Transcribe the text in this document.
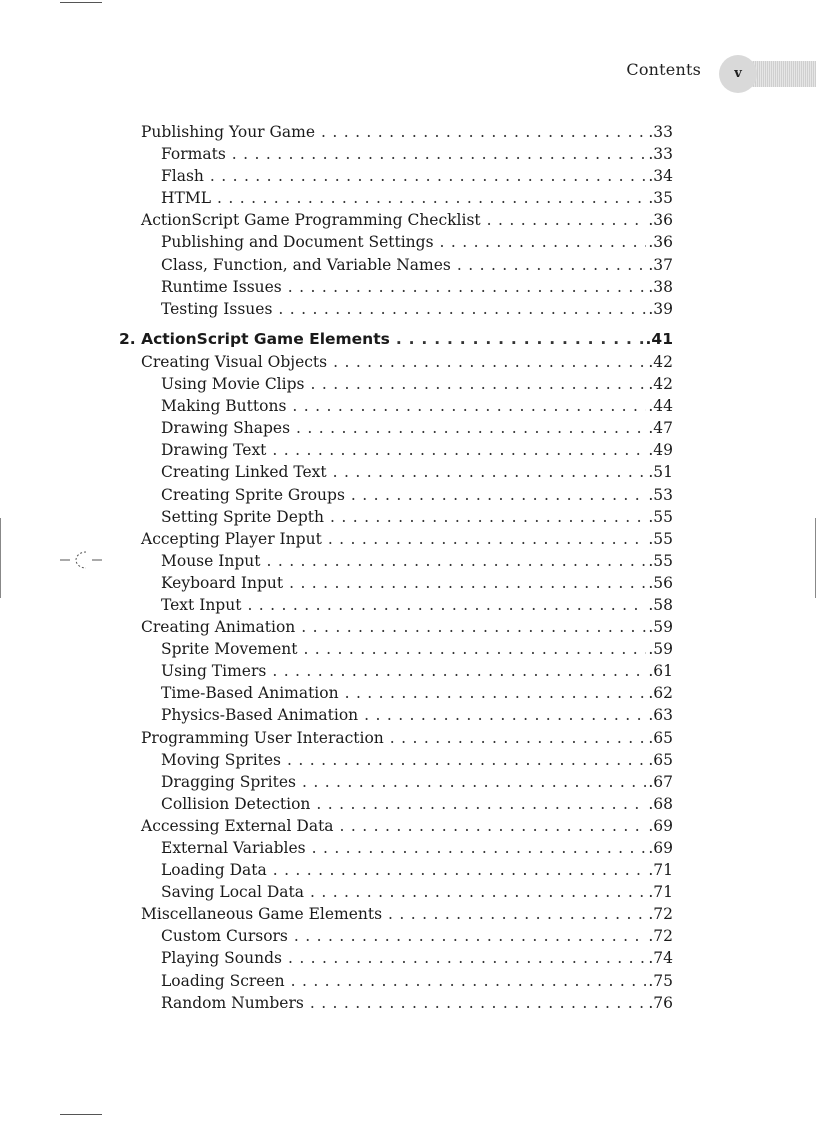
Contents	v
Publishing Your Game . . .	.33
Formats . . .	.33
Flash . . .	.34
HTML . . .	.35
ActionScript Game Programming Checklist . . .	.36
Publishing and Document Settings . . .	.36
Class, Function, and Variable Names . . .	.37
Runtime Issues . . .	.38
Testing Issues . . .	.39
2. ActionScript Game Elements . . .	.41
Creating Visual Objects . . .	.42
Using Movie Clips . . .	.42
Making Buttons . . .	.44
Drawing Shapes . . .	.47
Drawing Text . . .	.49
Creating Linked Text . . .	.51
Creating Sprite Groups . . .	.53
Setting Sprite Depth . . .	.55
Accepting Player Input . . .	.55
Mouse Input . . .	.55
Keyboard Input . . .	.56
Text Input . . .	.58
Creating Animation . . .	.59
Sprite Movement . . .	.59
Using Timers . . .	.61
Time-Based Animation . . .	.62
Physics-Based Animation . . .	.63
Programming User Interaction . . .	.65
Moving Sprites . . .	.65
Dragging Sprites . . .	.67
Collision Detection . . .	.68
Accessing External Data . . .	.69
External Variables . . .	.69
Loading Data . . .	.71
Saving Local Data . . .	.71
Miscellaneous Game Elements . . .	.72
Custom Cursors . . .	.72
Playing Sounds . . .	.74
Loading Screen . . .	.75
Random Numbers . . .	.76
